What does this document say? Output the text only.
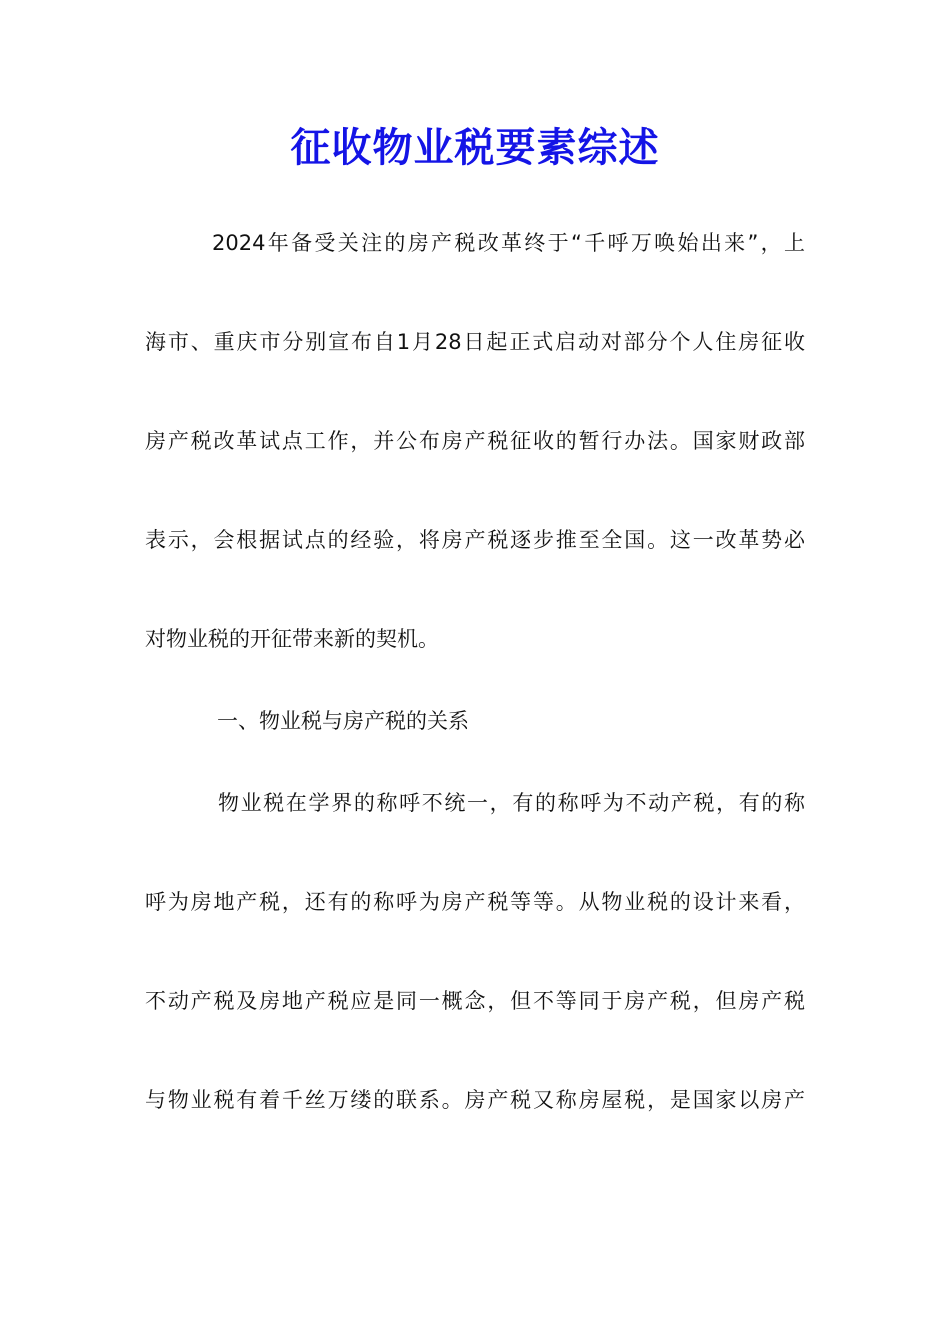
征收物业税要素综述
2024年备受关注的房产税改革终于“千呼万唤始出来”，上
海市、重庆市分别宣布自1月28日起正式启动对部分个人住房征收
房产税改革试点工作，并公布房产税征收的暂行办法。国家财政部
表示，会根据试点的经验，将房产税逐步推至全国。这一改革势必
对物业税的开征带来新的契机。
一、物业税与房产税的关系
物业税在学界的称呼不统一，有的称呼为不动产税，有的称
呼为房地产税，还有的称呼为房产税等等。从物业税的设计来看，
不动产税及房地产税应是同一概念，但不等同于房产税，但房产税
与物业税有着千丝万缕的联系。房产税又称房屋税，是国家以房产
